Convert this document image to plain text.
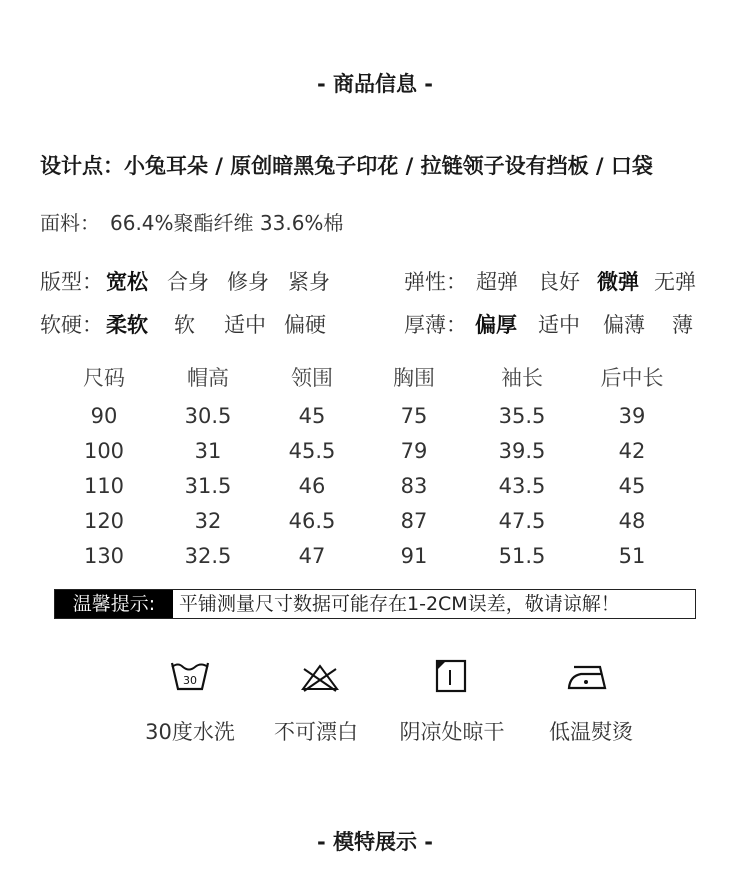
- 商品信息 -
设计点：小兔耳朵 / 原创暗黑兔子印花 / 拉链领子设有挡板 / 口袋
面料： 66.4%聚酯纤维 33.6%棉
版型： 宽松 合身 修身 紧身	弹性： 超弹 良好 微弹 无弹
软硬： 柔软 软 适中 偏硬	厚薄： 偏厚 适中 偏薄 薄
尺码	帽高	领围	胸围	袖长	后中长
90	30.5	45	75	35.5	39
100	31	45.5	79	39.5	42
110	31.5	46	83	43.5	45
120	32	46.5	87	47.5	48
130	32.5	47	91	51.5	51
温馨提示:	平铺测量尺寸数据可能存在1-2CM误差，敬请谅解！
30
30度水洗	不可漂白	阴凉处晾干	低温熨烫
- 模特展示 -
